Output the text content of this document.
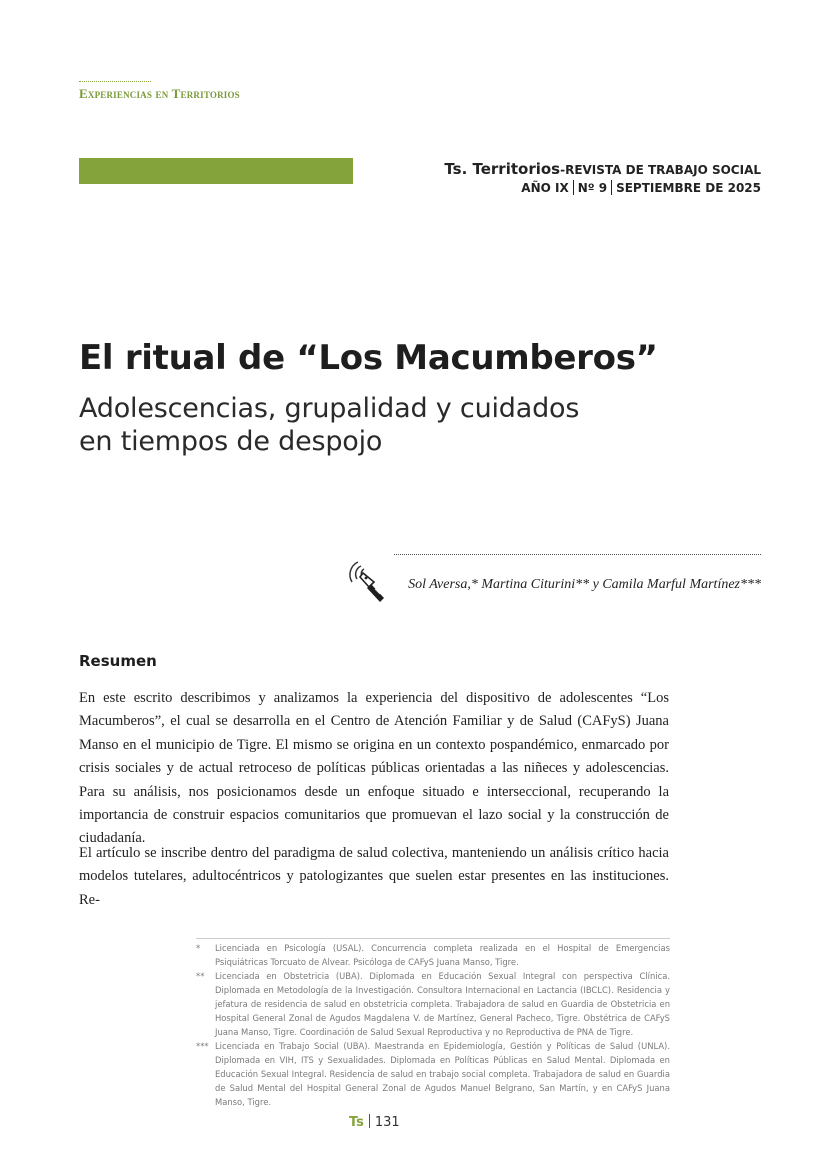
Experiencias en Territorios
Ts. Territorios-REVISTA DE TRABAJO SOCIAL
AÑO IX Nº 9 SEPTIEMBRE DE 2025
El ritual de “Los Macumberos”
Adolescencias, grupalidad y cuidados
en tiempos de despojo
Sol Aversa,* Martina Citurini** y Camila Marful Martínez***
Resumen

En este escrito describimos y analizamos la experiencia del dispositivo de adolescentes “Los Macumberos”, el cual se desarrolla en el Centro de Atención Familiar y de Salud (CAFyS) Juana Manso en el municipio de Tigre. El mismo se origina en un contexto pospandémico, enmarcado por crisis sociales y de actual retroceso de políticas públicas orientadas a las niñeces y adolescencias. Para su análisis, nos posicionamos desde un enfoque situado e interseccional, recuperando la importancia de construir espacios comunitarios que promuevan el lazo social y la construcción de ciudadanía.

El artículo se inscribe dentro del paradigma de salud colectiva, manteniendo un análisis crítico hacia modelos tutelares, adultocéntricos y patologizantes que suelen estar presentes en las instituciones. Re-

*	Licenciada en Psicología (USAL). Concurrencia completa realizada en el Hospital de Emergencias Psiquiátricas Torcuato de Alvear. Psicóloga de CAFyS Juana Manso, Tigre.
**	Licenciada en Obstetricia (UBA). Diplomada en Educación Sexual Integral con perspectiva Clínica. Diplomada en Metodología de la Investigación. Consultora Internacional en Lactancia (IBCLC). Residencia y jefatura de residencia de salud en obstetricia completa. Trabajadora de salud en Guardia de Obstetricia en Hospital General Zonal de Agudos Magdalena V. de Martínez, General Pacheco, Tigre. Obstétrica de CAFyS Juana Manso, Tigre. Coordinación de Salud Sexual Reproductiva y no Reproductiva de PNA de Tigre.
*** Licenciada en Trabajo Social (UBA). Maestranda en Epidemiología, Gestión y Políticas de Salud (UNLA). Diplomada en VIH, ITS y Sexualidades. Diplomada en Políticas Públicas en Salud Mental. Diplomada en Educación Sexual Integral. Residencia de salud en trabajo social completa. Trabajadora de salud en Guardia de Salud Mental del Hospital General Zonal de Agudos Manuel Belgrano, San Martín, y en CAFyS Juana Manso, Tigre.
Ts 131
